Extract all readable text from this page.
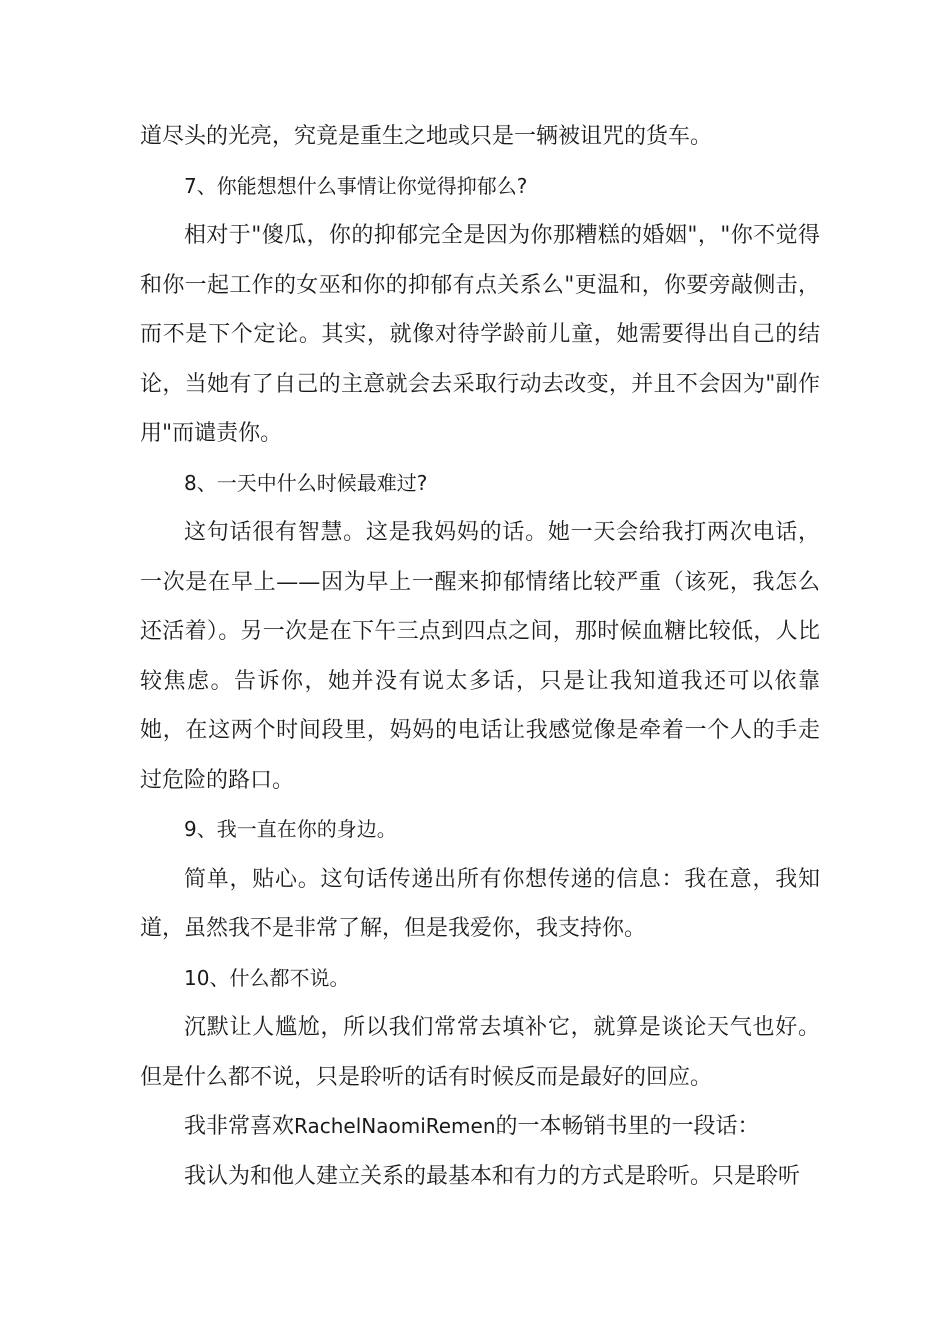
道尽头的光亮，究竟是重生之地或只是一辆被诅咒的货车。

7、你能想想什么事情让你觉得抑郁么?

相对于"傻瓜，你的抑郁完全是因为你那糟糕的婚姻"，"你不觉得和你一起工作的女巫和你的抑郁有点关系么"更温和，你要旁敲侧击，而不是下个定论。其实，就像对待学龄前儿童，她需要得出自己的结论，当她有了自己的主意就会去采取行动去改变，并且不会因为"副作用"而谴责你。

8、一天中什么时候最难过?

这句话很有智慧。这是我妈妈的话。她一天会给我打两次电话，一次是在早上——因为早上一醒来抑郁情绪比较严重（该死，我怎么还活着）。另一次是在下午三点到四点之间，那时候血糖比较低，人比较焦虑。告诉你，她并没有说太多话，只是让我知道我还可以依靠她，在这两个时间段里，妈妈的电话让我感觉像是牵着一个人的手走过危险的路口。

9、我一直在你的身边。

简单，贴心。这句话传递出所有你想传递的信息：我在意，我知道，虽然我不是非常了解，但是我爱你，我支持你。

10、什么都不说。

沉默让人尴尬，所以我们常常去填补它，就算是谈论天气也好。但是什么都不说，只是聆听的话有时候反而是最好的回应。

我非常喜欢RachelNaomiRemen的一本畅销书里的一段话：

我认为和他人建立关系的最基本和有力的方式是聆听。只是聆听
